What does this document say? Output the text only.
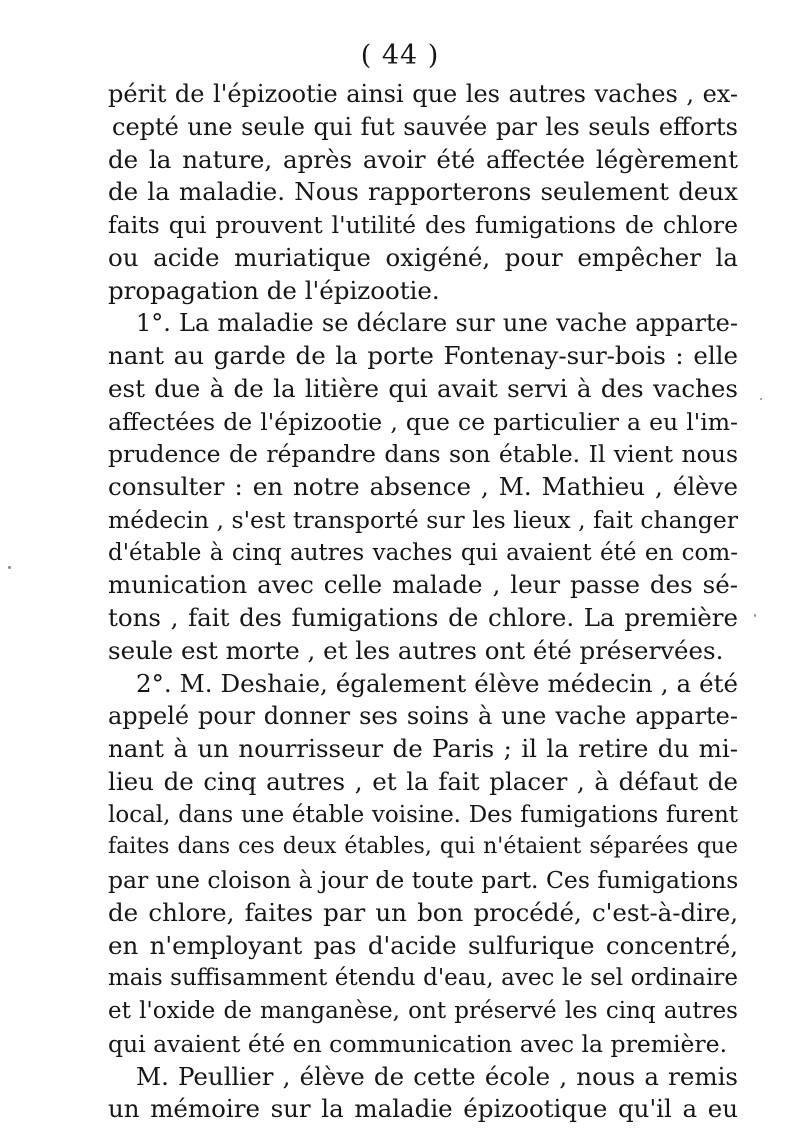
( 44 )
périt de l'épizootie ainsi que les autres vaches , ex-
cepté une seule qui fut sauvée par les seuls efforts
de la nature, après avoir été affectée légèrement
de la maladie. Nous rapporterons seulement deux
faits qui prouvent l'utilité des fumigations de chlore
ou acide muriatique oxigéné, pour empêcher la
propagation de l'épizootie.
1°. La maladie se déclare sur une vache apparte-
nant au garde de la porte Fontenay-sur-bois : elle
est due à de la litière qui avait servi à des vaches
affectées de l'épizootie , que ce particulier a eu l'im-
prudence de répandre dans son étable. Il vient nous
consulter : en notre absence , M. Mathieu , élève
médecin , s'est transporté sur les lieux , fait changer
d'étable à cinq autres vaches qui avaient été en com-
munication avec celle malade , leur passe des sé-
tons , fait des fumigations de chlore. La première
seule est morte , et les autres ont été préservées.
2°. M. Deshaie, également élève médecin , a été
appelé pour donner ses soins à une vache apparte-
nant à un nourrisseur de Paris ; il la retire du mi-
lieu de cinq autres , et la fait placer , à défaut de
local, dans une étable voisine. Des fumigations furent
faites dans ces deux étables, qui n'étaient séparées que
par une cloison à jour de toute part. Ces fumigations
de chlore, faites par un bon procédé, c'est-à-dire,
en n'employant pas d'acide sulfurique concentré,
mais suffisamment étendu d'eau, avec le sel ordinaire
et l'oxide de manganèse, ont préservé les cinq autres
qui avaient été en communication avec la première.
M. Peullier , élève de cette école , nous a remis
un mémoire sur la maladie épizootique qu'il a eu
